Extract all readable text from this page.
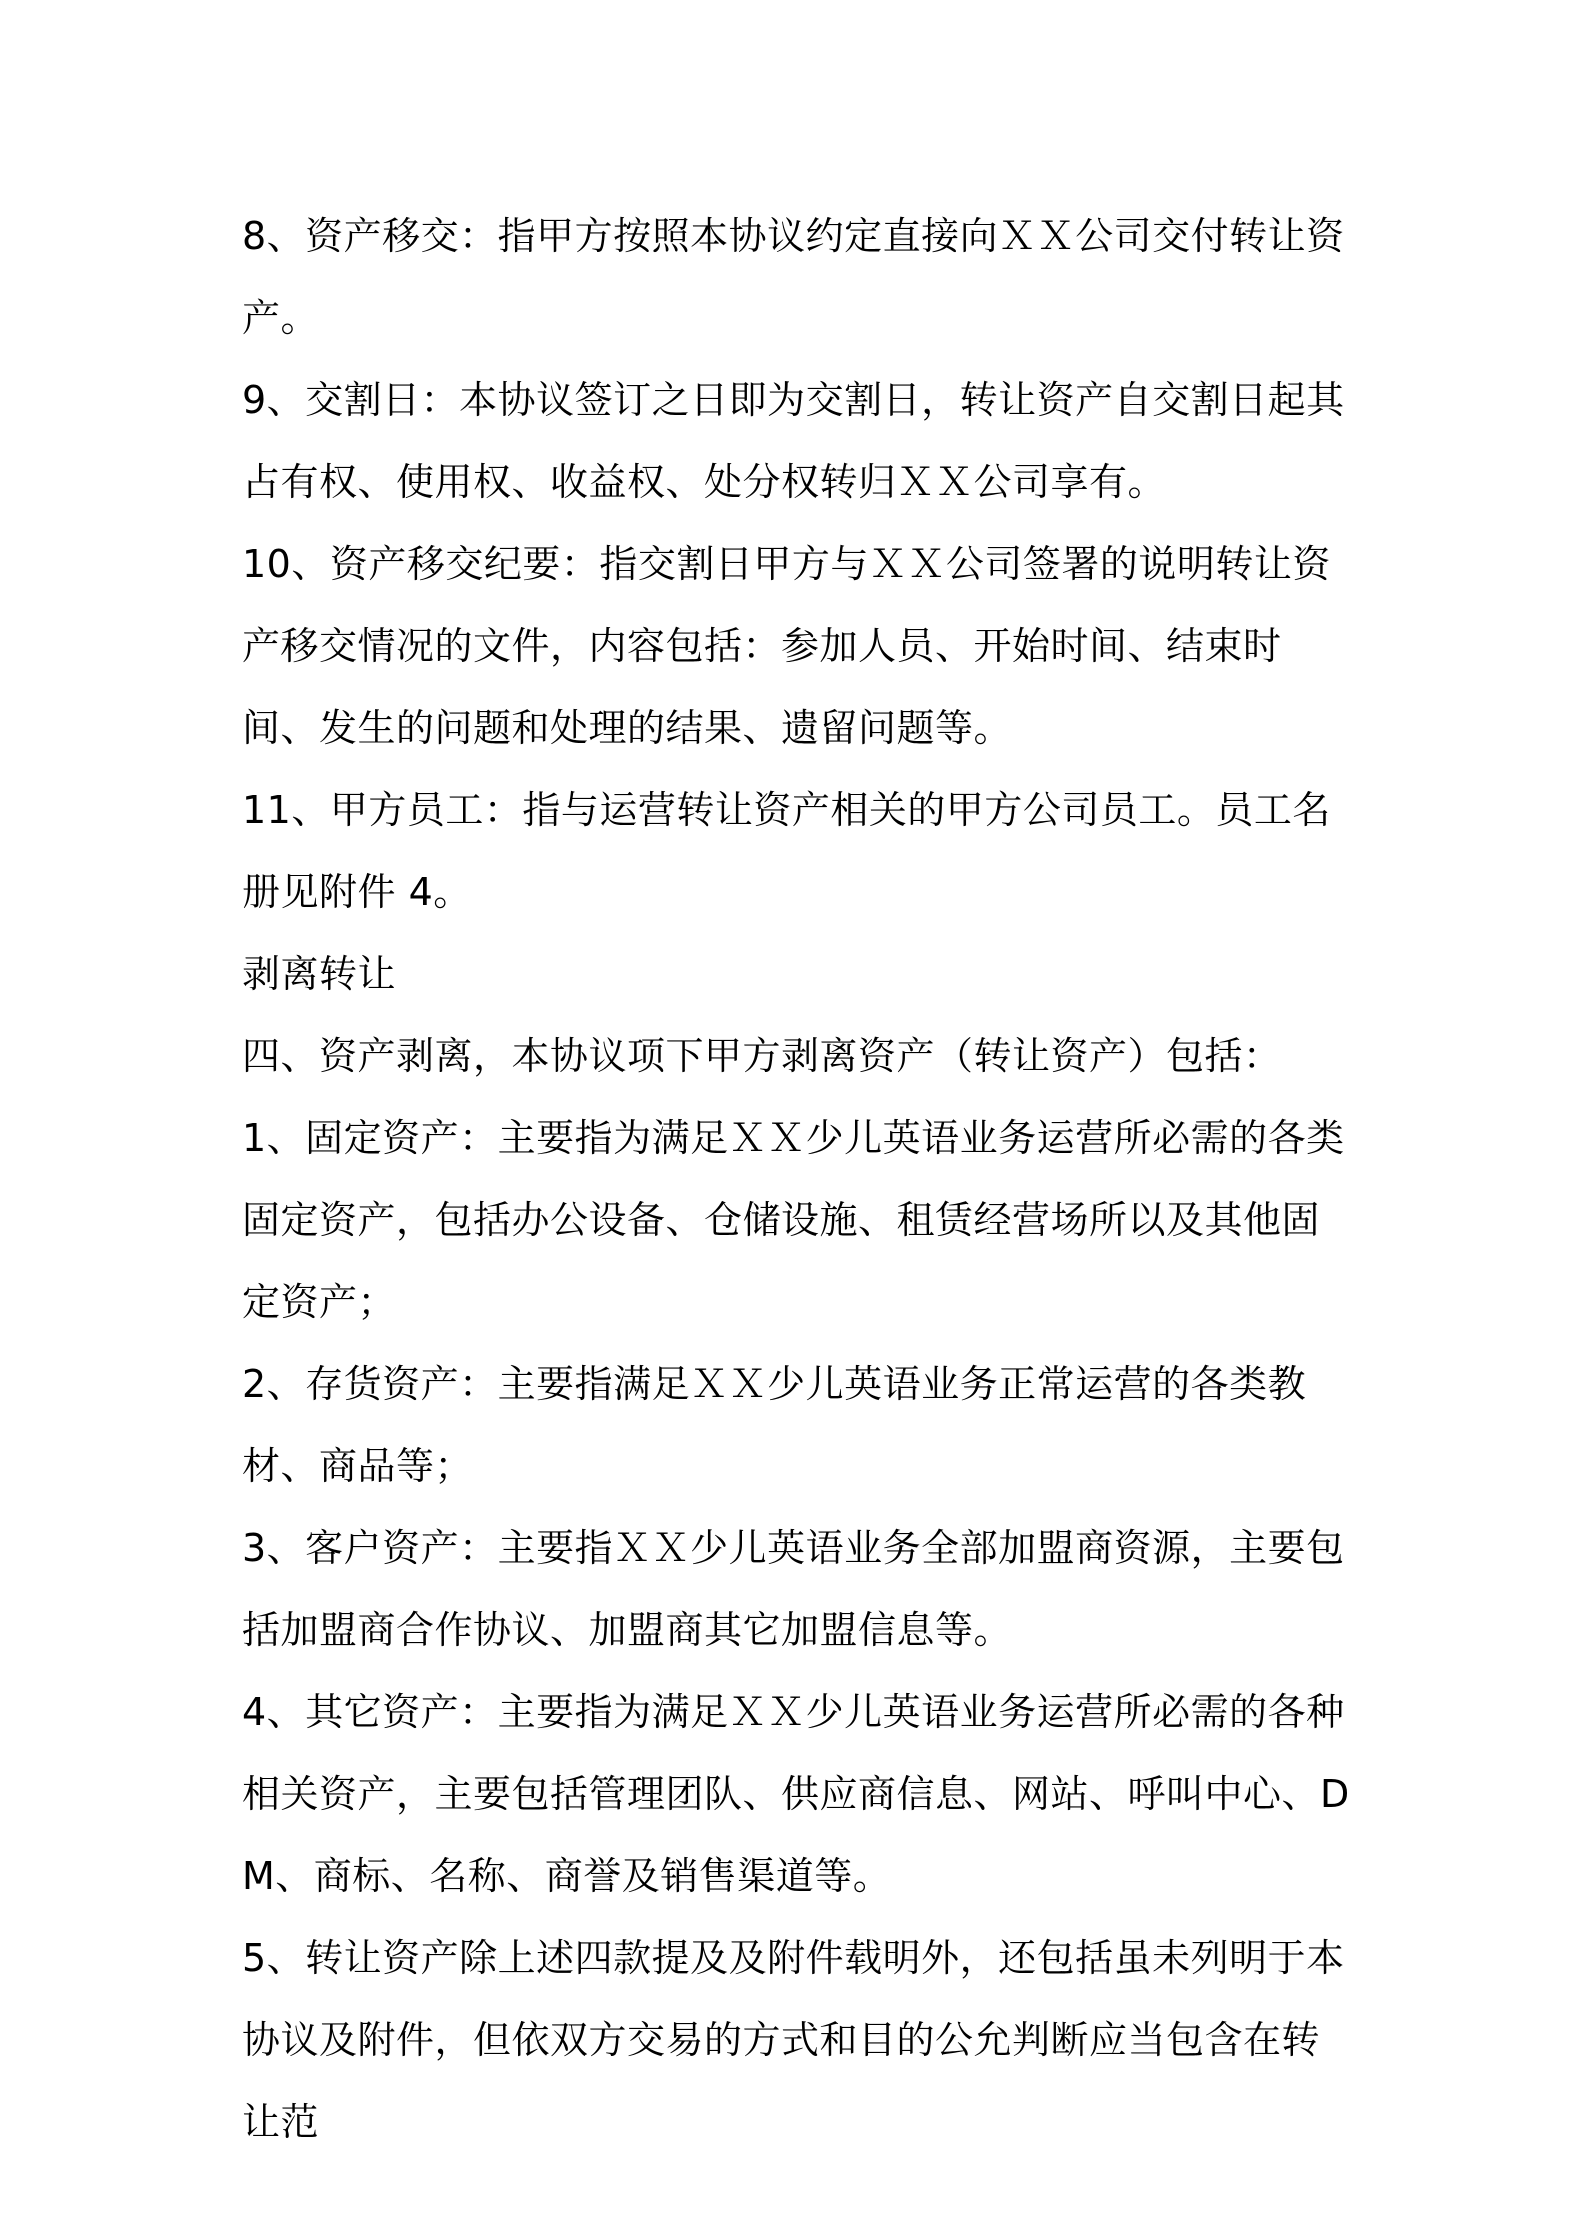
8、资产移交：指甲方按照本协议约定直接向ＸＸ公司交付转让资产。

9、交割日：本协议签订之日即为交割日，转让资产自交割日起其占有权、使用权、收益权、处分权转归ＸＸ公司享有。

10、资产移交纪要：指交割日甲方与ＸＸ公司签署的说明转让资产移交情况的文件，内容包括：参加人员、开始时间、结束时间、发生的问题和处理的结果、遗留问题等。

11、甲方员工：指与运营转让资产相关的甲方公司员工。员工名册见附件 4。

剥离转让

四、资产剥离，本协议项下甲方剥离资产（转让资产）包括：

1、固定资产：主要指为满足ＸＸ少儿英语业务运营所必需的各类固定资产，包括办公设备、仓储设施、租赁经营场所以及其他固定资产；

2、存货资产：主要指满足ＸＸ少儿英语业务正常运营的各类教材、商品等；

3、客户资产：主要指ＸＸ少儿英语业务全部加盟商资源，主要包括加盟商合作协议、加盟商其它加盟信息等。

4、其它资产：主要指为满足ＸＸ少儿英语业务运营所必需的各种相关资产，主要包括管理团队、供应商信息、网站、呼叫中心、DM、商标、名称、商誉及销售渠道等。

5、转让资产除上述四款提及及附件载明外，还包括虽未列明于本协议及附件，但依双方交易的方式和目的公允判断应当包含在转让范
